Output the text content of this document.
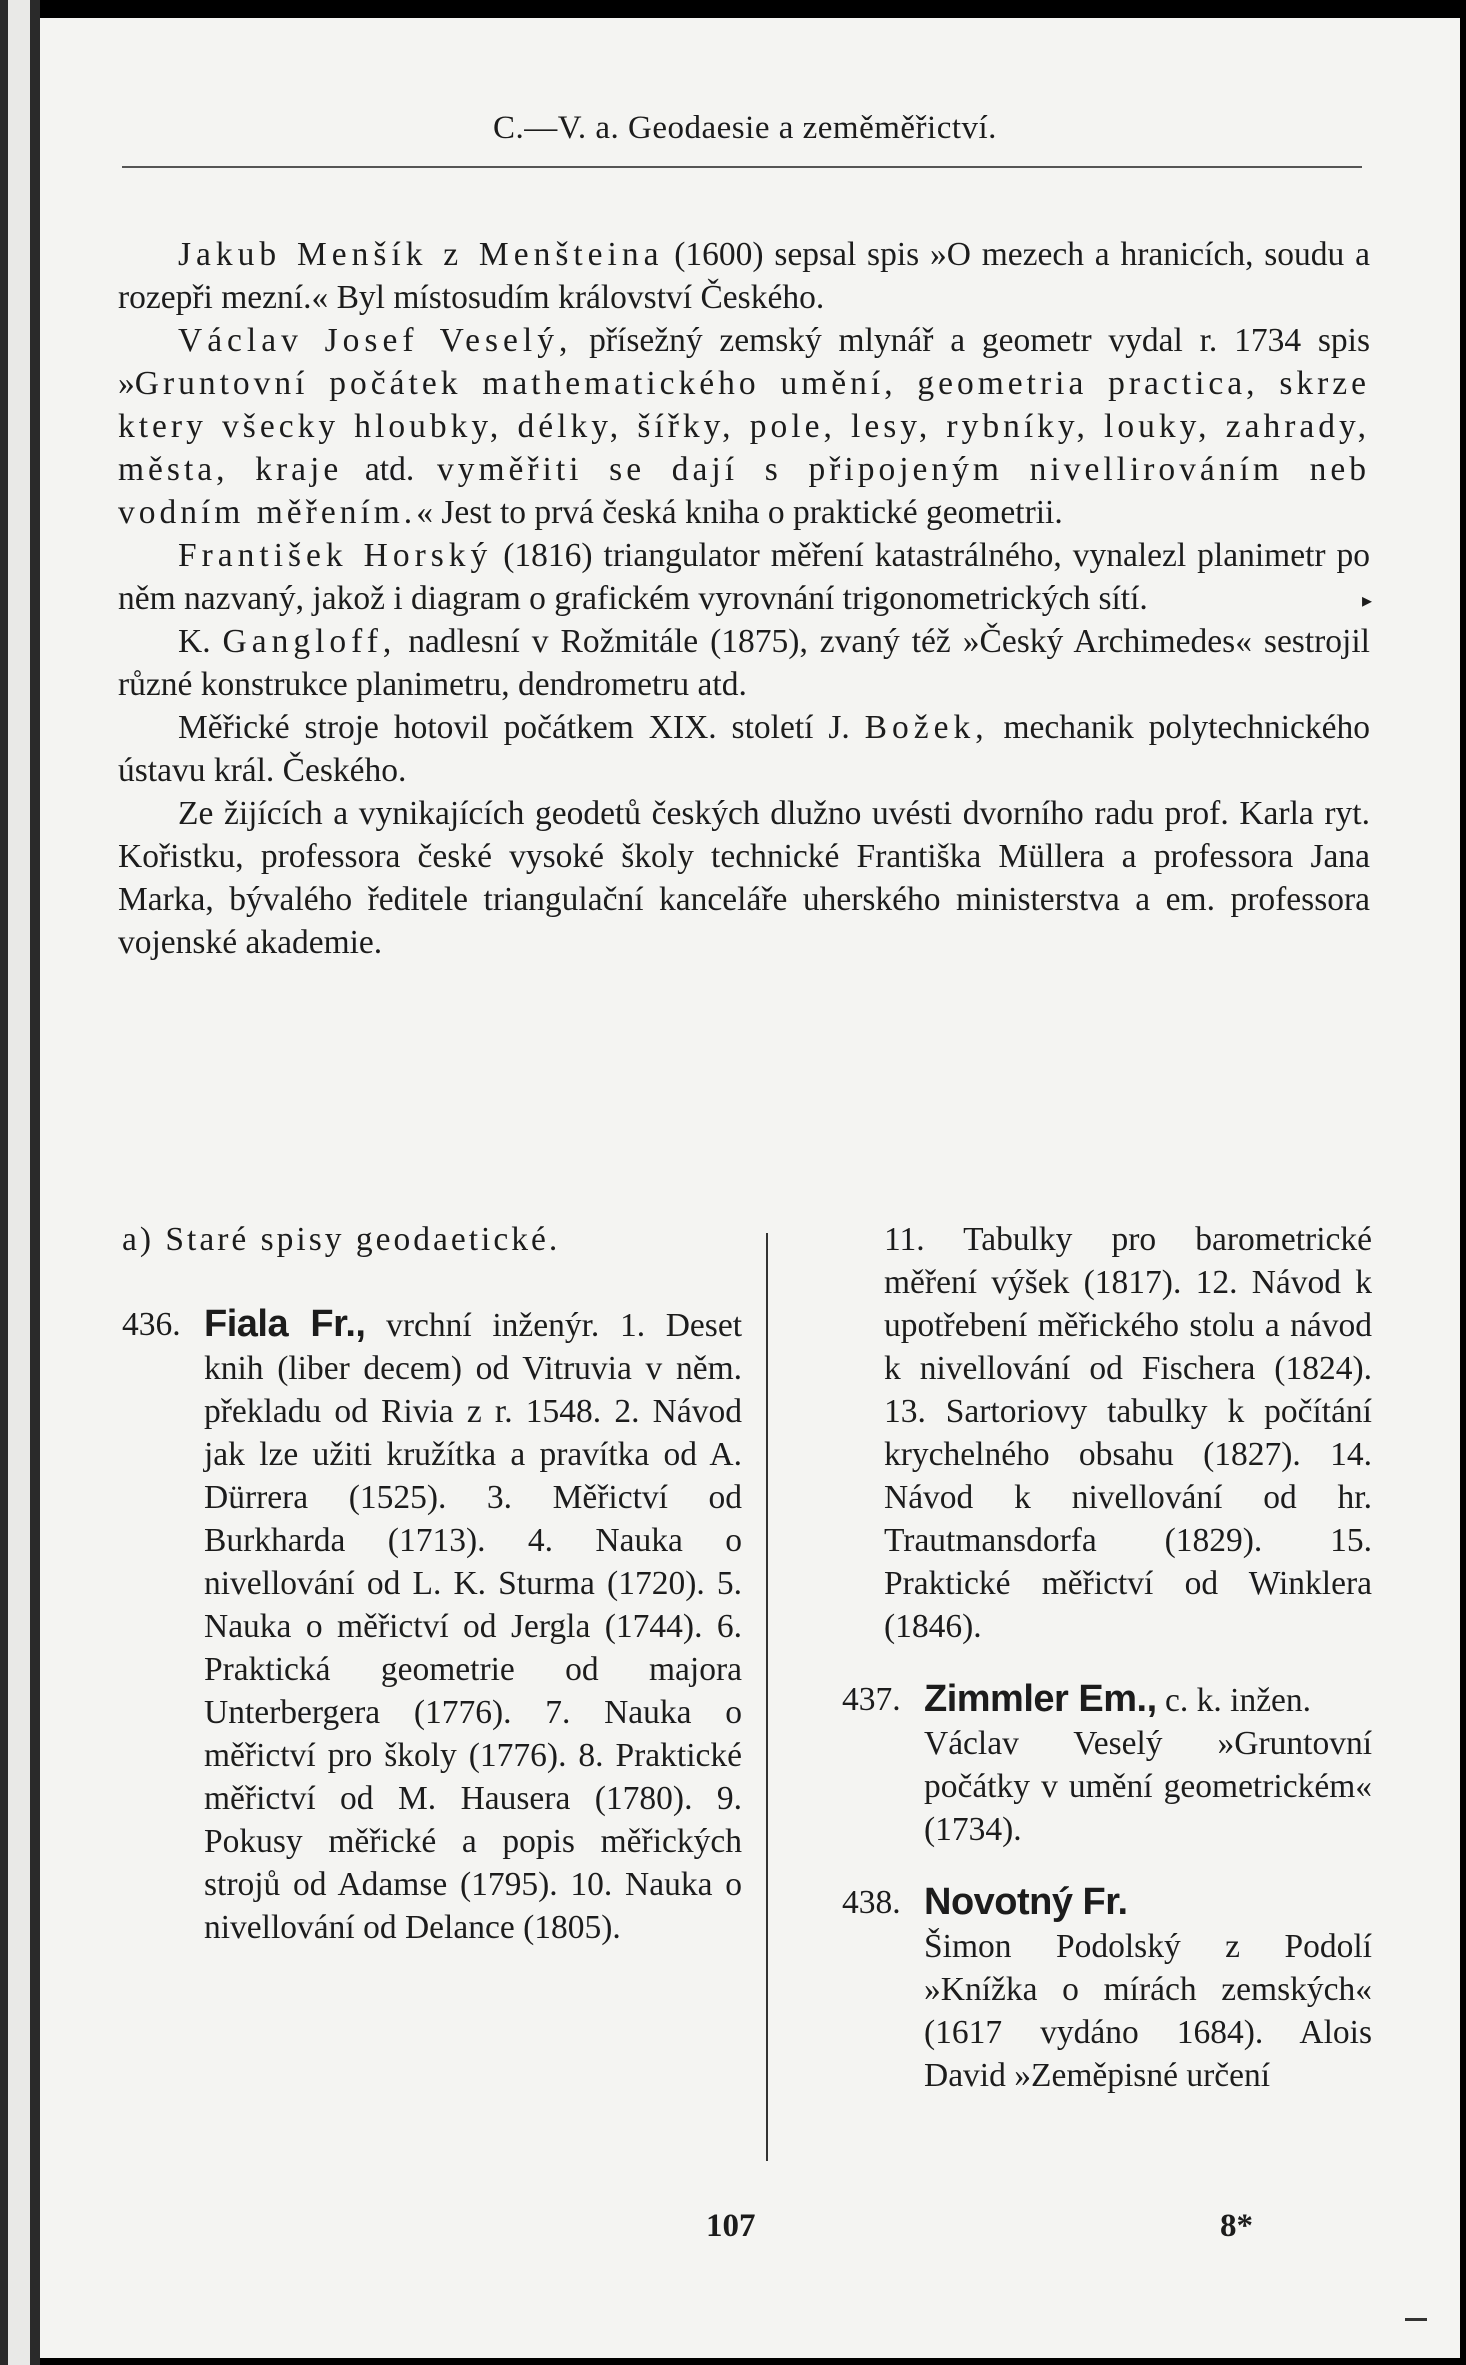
C.—V. a. Geodaesie a zeměměřictví.

Jakub Menšík z Menšteina (1600) sepsal spis »O mezech a hranicích, soudu a rozepři mezní.« Byl místosudím království Českého.

Václav Josef Veselý, přísežný zemský mlynář a geometr vydal r. 1734 spis »Gruntovní počátek mathematického umění, geometria practica, skrze ktery všecky hloubky, délky, šířky, pole, lesy, rybníky, louky, zahrady, města, kraje atd. vyměřiti se dají s připojeným nivellirováním neb vodním měřením.« Jest to prvá česká kniha o praktické geometrii.

František Horský (1816) triangulator měření katastrálného, vynalezl planimetr po něm nazvaný, jakož i diagram o grafickém vyrovnání trigonometrických sítí.

K. Gangloff, nadlesní v Rožmitále (1875), zvaný též »Český Archimedes« sestrojil různé konstrukce planimetru, dendrometru atd.

Měřické stroje hotovil počátkem XIX. století J. Božek, mechanik polytechnického ústavu král. Českého.

Ze žijících a vynikajících geodetů českých dlužno uvésti dvorního radu prof. Karla ryt. Kořistku, professora české vysoké školy technické Františka Müllera a professora Jana Marka, bývalého ředitele triangulační kanceláře uherského ministerstva a em. professora vojenské akademie.

a) Staré spisy geodaetické.
436. Fiala Fr., vrchní inženýr. 1. Deset knih (liber decem) od Vitruvia v něm. překladu od Rivia z r. 1548. 2. Návod jak lze užiti kružítka a pravítka od A. Dürrera (1525). 3. Měřictví od Burkharda (1713). 4. Nauka o nivellování od L. K. Sturma (1720). 5. Nauka o měřictví od Jergla (1744). 6. Praktická geometrie od majora Unterbergera (1776). 7. Nauka o měřictví pro školy (1776). 8. Praktické měřictví od M. Hausera (1780). 9. Pokusy měřické a popis měřických strojů od Adamse (1795). 10. Nauka o nivellování od Delance (1805).
11. Tabulky pro barometrické měření výšek (1817). 12. Návod k upotřebení měřického stolu a návod k nivellování od Fischera (1824). 13. Sartoriovy tabulky k počítání krychelného obsahu (1827). 14. Návod k nivellování od hr. Trautmansdorfa (1829). 15. Praktické měřictví od Winklera (1846).
437. Zimmler Em., c. k. inžen.
Václav Veselý »Gruntovní počátky v umění geometrickém« (1734).
438. Novotný Fr.
Šimon Podolský z Podolí »Knížka o mírách zemských« (1617 vydáno 1684). Alois David »Zeměpisné určení
107	8*
▸
